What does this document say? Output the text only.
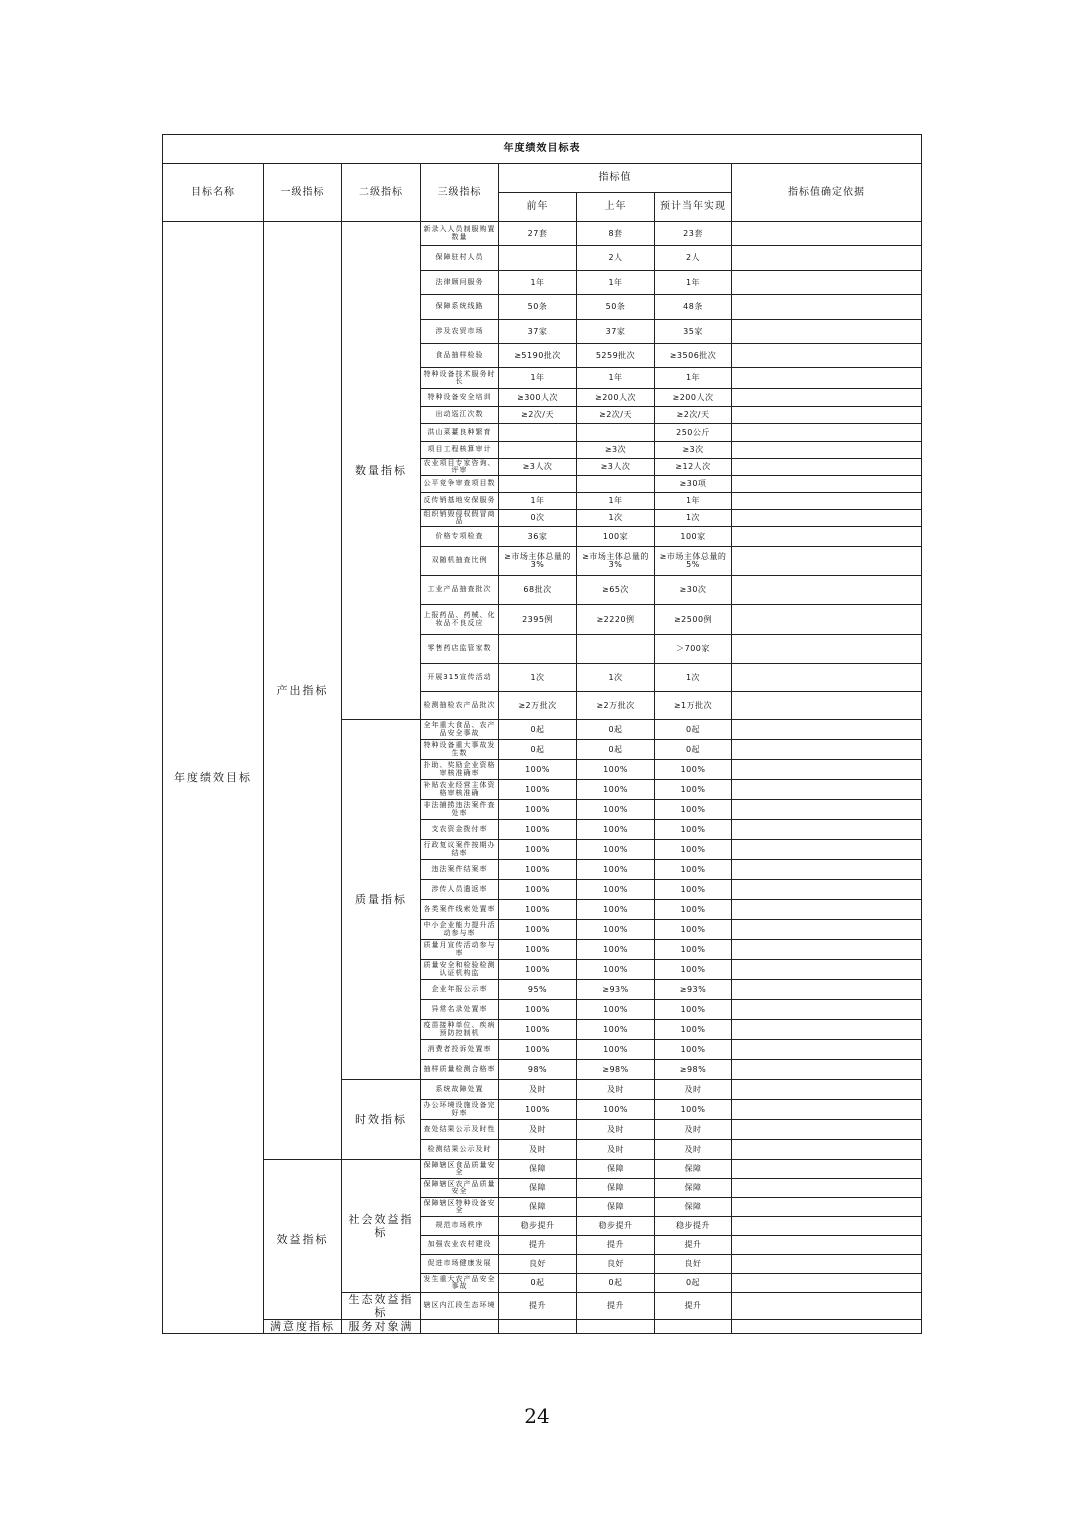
年度绩效目标表							
目标名称	一级指标	二级指标	三级指标	指标值			指标值确定依据
				前年	上年	预计当年实现	
年度绩效目标	产出指标	数量指标	新录入人员制服购置数量	27套	8套	23套	
			保障驻村人员		2人	2人	
			法律顾问服务	1年	1年	1年	
			保障系统线路	50条	50条	48条	
			涉及农贸市场	37家	37家	35家	
			食品抽样检验	≥5190批次	5259批次	≥3506批次	
			特种设备技术服务时长	1年	1年	1年	
			特种设备安全培训	≥300人次	≥200人次	≥200人次	
			出动巡江次数	≥2次/天	≥2次/天	≥2次/天	
			洪山菜薹良种繁育			250公斤	
			项目工程核算审计		≥3次	≥3次	
			农业项目专家咨询、评审	≥3人次	≥3人次	≥12人次	
			公平竞争审查项目数			≥30项	
			反传销基地安保服务	1年	1年	1年	
			组织销毁侵权假冒商品	0次	1次	1次	
			价格专项检查	36家	100家	100家	
			双随机抽查比例	≥市场主体总量的3%	≥市场主体总量的3%	≥市场主体总量的5%	
			工业产品抽查批次	68批次	≥65次	≥30次	
			上报药品、药械、化妆品不良反应	2395例	≥2220例	≥2500例	
			零售药店监管家数			＞700家	
			开展315宣传活动	1次	1次	1次	
			检测抽检农产品批次	≥2万批次	≥2万批次	≥1万批次	
		质量指标	全年重大食品、农产品安全事故	0起	0起	0起	
			特种设备重大事故发生数	0起	0起	0起	
			扑助、奖励企业资格审核准确率	100%	100%	100%	
			补贴农业经营主体资格审核准确	100%	100%	100%	
			非法捕捞违法案件查处率	100%	100%	100%	
			支农资金拨付率	100%	100%	100%	
			行政复议案件按期办结率	100%	100%	100%	
			违法案件结案率	100%	100%	100%	
			涉传人员遣返率	100%	100%	100%	
			各类案件线索处置率	100%	100%	100%	
			中小企业能力提升活动参与率	100%	100%	100%	
			质量月宣传活动参与率	100%	100%	100%	
			质量安全和检验检测认证机构监	100%	100%	100%	
			企业年报公示率	95%	≥93%	≥93%	
			异常名录处置率	100%	100%	100%	
			疫苗接种单位、疾病预防控制机	100%	100%	100%	
			消费者投诉处置率	100%	100%	100%	
			抽样质量检测合格率	98%	≥98%	≥98%	
		时效指标	系统故障处置	及时	及时	及时	
			办公环境设施设备完好率	100%	100%	100%	
			查处结果公示及时性	及时	及时	及时	
			检测结果公示及时	及时	及时	及时	
	效益指标	社会效益指标	保障辖区食品质量安全	保障	保障	保障	
			保障辖区农产品质量安全	保障	保障	保障	
			保障辖区特种设备安全	保障	保障	保障	
			规范市场秩序	稳步提升	稳步提升	稳步提升	
			加强农业农村建设	提升	提升	提升	
			促进市场健康发展	良好	良好	良好	
			发生重大农产品安全事故	0起	0起	0起	
		生态效益指标	辖区内江段生态环境	提升	提升	提升	
	满意度指标	服务对象满					
24
